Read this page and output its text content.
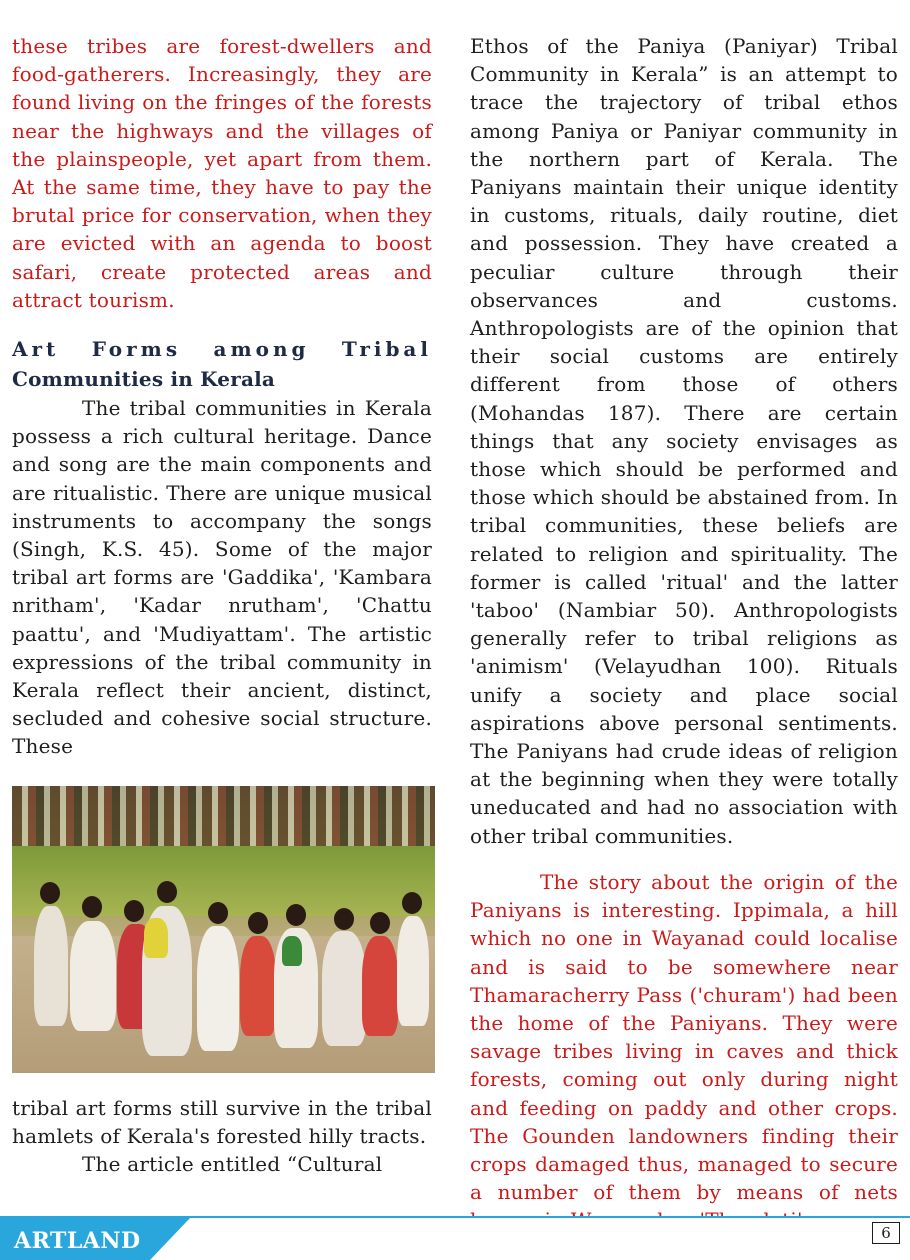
these tribes are forest-dwellers and food-gatherers. Increasingly, they are found living on the fringes of the forests near the highways and the villages of the plainspeople, yet apart from them. At the same time, they have to pay the brutal price for conservation, when they are evicted with an agenda to boost safari, create protected areas and attract tourism.

Art Forms among Tribal
Communities in Kerala

The tribal communities in Kerala possess a rich cultural heritage. Dance and song are the main components and are ritualistic. There are unique musical instruments to accompany the songs (Singh, K.S. 45). Some of the major tribal art forms are 'Gaddika', 'Kambara nritham', 'Kadar nrutham', 'Chattu paattu', and 'Mudiyattam'. The artistic expressions of the tribal community in Kerala reflect their ancient, distinct, secluded and cohesive social structure. These

tribal art forms still survive in the tribal hamlets of Kerala's forested hilly tracts.

The article entitled “Cultural

Ethos of the Paniya (Paniyar) Tribal Community in Kerala” is an attempt to trace the trajectory of tribal ethos among Paniya or Paniyar community in the northern part of Kerala. The Paniyans maintain their unique identity in customs, rituals, daily routine, diet and possession. They have created a peculiar culture through their observances and customs. Anthropologists are of the opinion that their social customs are entirely different from those of others (Mohandas 187). There are certain things that any society envisages as those which should be performed and those which should be abstained from. In tribal communities, these beliefs are related to religion and spirituality. The former is called 'ritual' and the latter 'taboo' (Nambiar 50). Anthropologists generally refer to tribal religions as 'animism' (Velayudhan 100). Rituals unify a society and place social aspirations above personal sentiments. The Paniyans had crude ideas of religion at the beginning when they were totally uneducated and had no association with other tribal communities.

The story about the origin of the Paniyans is interesting. Ippimala, a hill which no one in Wayanad could localise and is said to be somewhere near Thamaracherry Pass ('churam') had been the home of the Paniyans. They were savage tribes living in caves and thick forests, coming out only during night and feeding on paddy and other crops. The Gounden landowners finding their crops damaged thus, managed to secure a number of them by means of nets

ARTLAND	6
